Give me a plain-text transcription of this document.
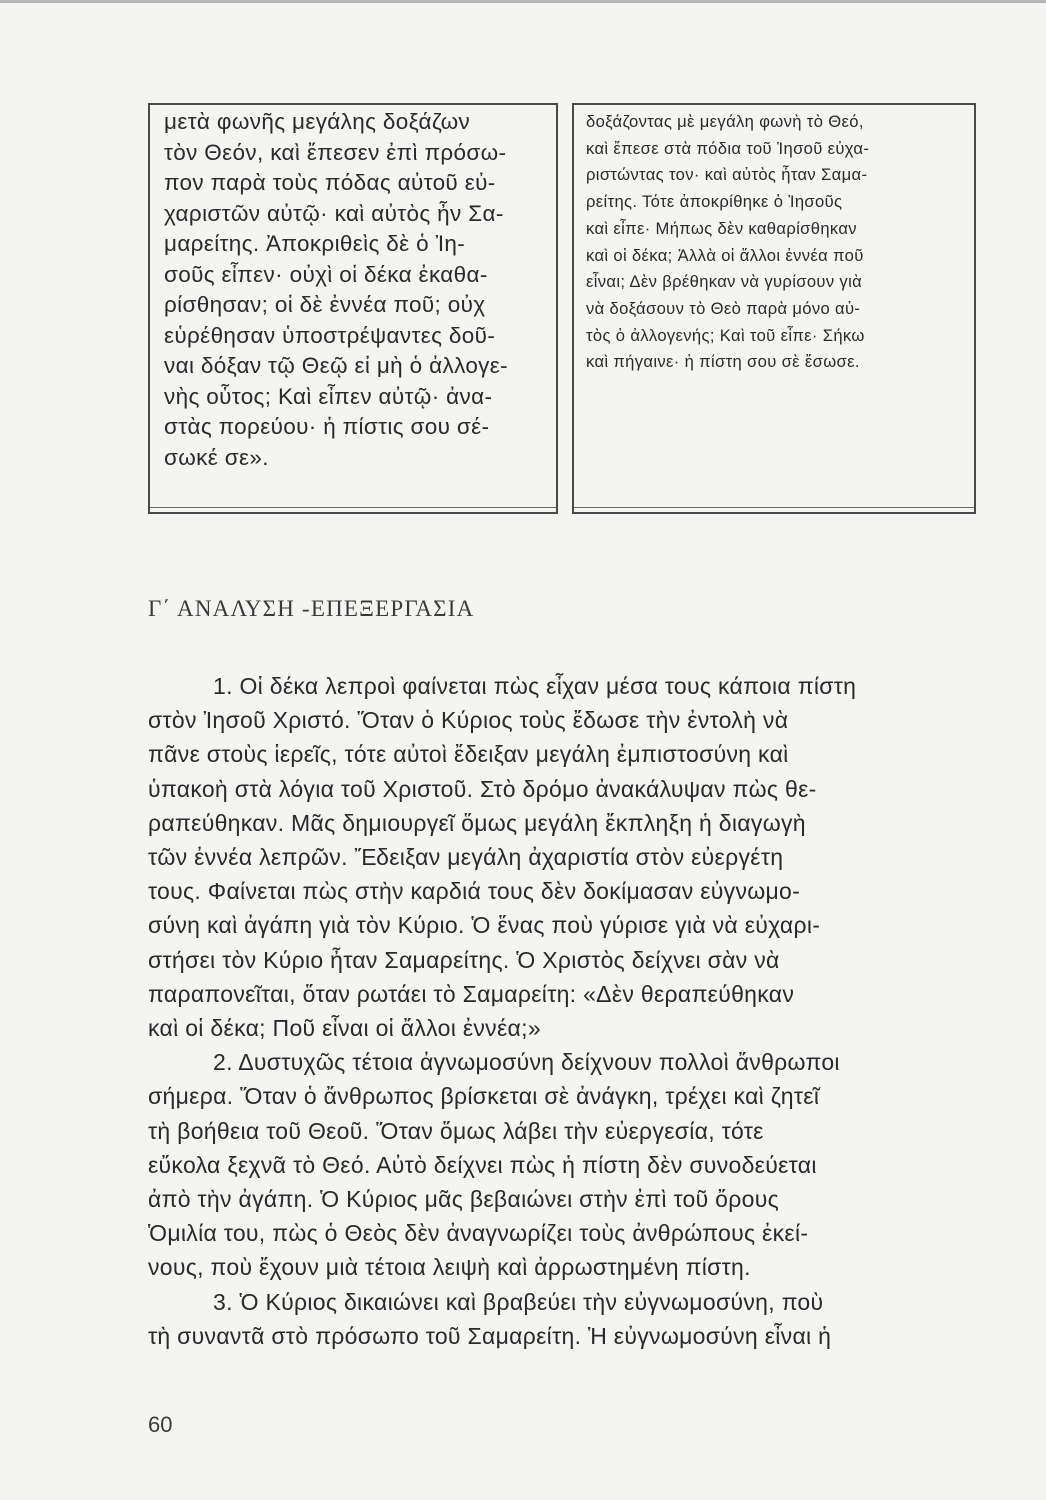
μετὰ φωνῆς μεγάλης δοξάζων
τὸν Θεόν, καὶ ἔπεσεν ἐπὶ πρόσω-
πον παρὰ τοὺς πόδας αὐτοῦ εὐ-
χαριστῶν αὐτῷ· καὶ αὐτὸς ἦν Σα-
μαρείτης. Ἀποκριθεὶς δὲ ὁ Ἰη-
σοῦς εἶπεν· οὐχὶ οἱ δέκα ἐκαθα-
ρίσθησαν; οἱ δὲ ἐννέα ποῦ; οὐχ
εὑρέθησαν ὑποστρέψαντες δοῦ-
ναι δόξαν τῷ Θεῷ εἰ μὴ ὁ ἀλλογε-
νὴς οὗτος; Καὶ εἶπεν αὐτῷ· ἀνα-
στὰς πορεύου· ἡ πίστις σου σέ-
σωκέ σε».
δοξάζοντας μὲ μεγάλη φωνὴ τὸ Θεό,
καὶ ἔπεσε στὰ πόδια τοῦ Ἰησοῦ εὐχα-
ριστώντας τον· καὶ αὐτὸς ἦταν Σαμα-
ρείτης. Τότε ἀποκρίθηκε ὁ Ἰησοῦς
καὶ εἶπε· Μήπως δὲν καθαρίσθηκαν
καὶ οἱ δέκα; Ἀλλὰ οἱ ἄλλοι ἐννέα ποῦ
εἶναι; Δὲν βρέθηκαν νὰ γυρίσουν γιὰ
νὰ δοξάσουν τὸ Θεὸ παρὰ μόνο αὐ-
τὸς ὁ ἀλλογενής; Καὶ τοῦ εἶπε· Σήκω
καὶ πήγαινε· ἡ πίστη σου σὲ ἔσωσε.
Γ΄ ΑΝΑΛΥΣΗ -ΕΠΕΞΕΡΓΑΣΙΑ
1. Οἱ δέκα λεπροὶ φαίνεται πὼς εἶχαν μέσα τους κάποια πίστη
στὸν Ἰησοῦ Χριστό. Ὅταν ὁ Κύριος τοὺς ἔδωσε τὴν ἐντολὴ νὰ
πᾶνε στοὺς ἱερεῖς, τότε αὐτοὶ ἔδειξαν μεγάλη ἐμπιστοσύνη καὶ
ὑπακοὴ στὰ λόγια τοῦ Χριστοῦ. Στὸ δρόμο ἀνακάλυψαν πὼς θε-
ραπεύθηκαν. Μᾶς δημιουργεῖ ὅμως μεγάλη ἔκπληξη ἡ διαγωγὴ
τῶν ἐννέα λεπρῶν. Ἔδειξαν μεγάλη ἀχαριστία στὸν εὐεργέτη
τους. Φαίνεται πὼς στὴν καρδιά τους δὲν δοκίμασαν εὐγνωμο-
σύνη καὶ ἀγάπη γιὰ τὸν Κύριο. Ὁ ἕνας ποὺ γύρισε γιὰ νὰ εὐχαρι-
στήσει τὸν Κύριο ἦταν Σαμαρείτης. Ὁ Χριστὸς δείχνει σὰν νὰ
παραπονεῖται, ὅταν ρωτάει τὸ Σαμαρείτη: «Δὲν θεραπεύθηκαν
καὶ οἱ δέκα; Ποῦ εἶναι οἱ ἄλλοι ἐννέα;»
2. Δυστυχῶς τέτοια ἀγνωμοσύνη δείχνουν πολλοὶ ἄνθρωποι
σήμερα. Ὅταν ὁ ἄνθρωπος βρίσκεται σὲ ἀνάγκη, τρέχει καὶ ζητεῖ
τὴ βοήθεια τοῦ Θεοῦ. Ὅταν ὅμως λάβει τὴν εὐεργεσία, τότε
εὔκολα ξεχνᾶ τὸ Θεό. Αὐτὸ δείχνει πὼς ἡ πίστη δὲν συνοδεύεται
ἀπὸ τὴν ἀγάπη. Ὁ Κύριος μᾶς βεβαιώνει στὴν ἐπὶ τοῦ ὄρους
Ὁμιλία του, πὼς ὁ Θεὸς δὲν ἀναγνωρίζει τοὺς ἀνθρώπους ἐκεί-
νους, ποὺ ἔχουν μιὰ τέτοια λειψὴ καὶ ἀρρωστημένη πίστη.
3. Ὁ Κύριος δικαιώνει καὶ βραβεύει τὴν εὐγνωμοσύνη, ποὺ
τὴ συναντᾶ στὸ πρόσωπο τοῦ Σαμαρείτη. Ἡ εὐγνωμοσύνη εἶναι ἡ

60
